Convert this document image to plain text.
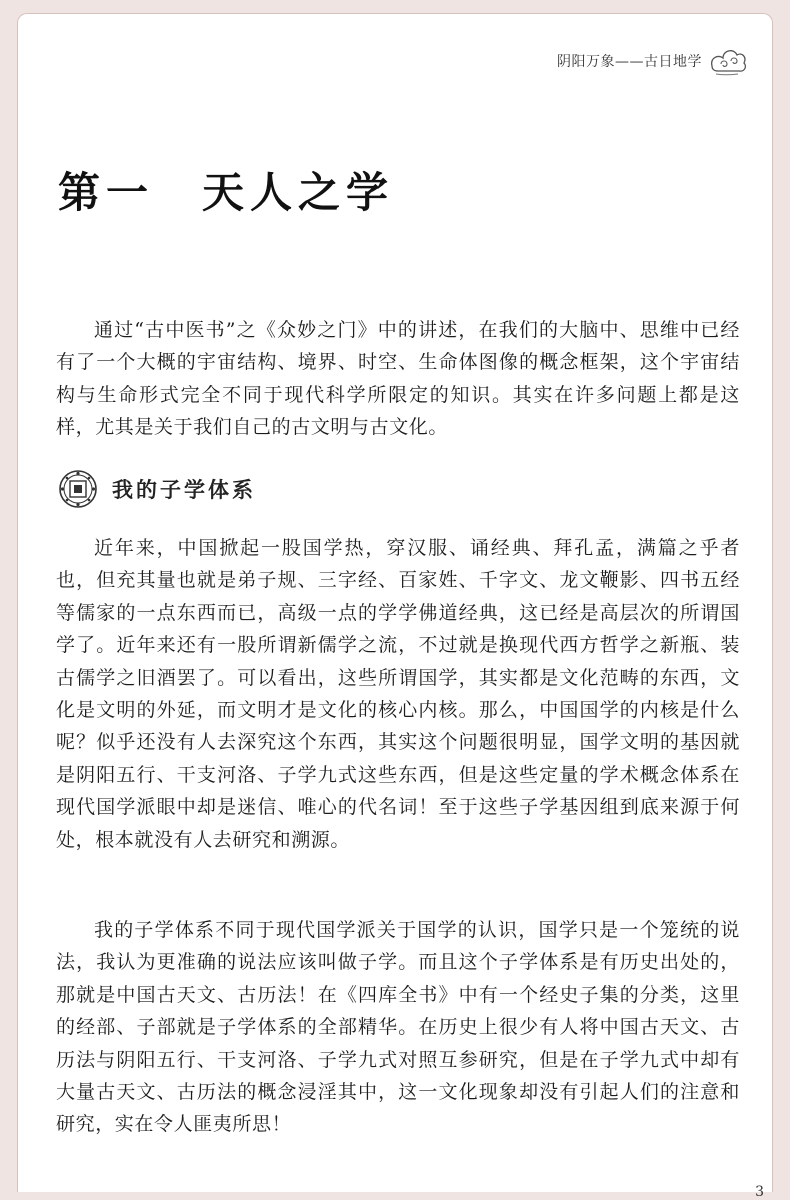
阴阳万象——古日地学
第一　天人之学

通过“古中医书”之《众妙之门》中的讲述，在我们的大脑中、思维中已经有了一个大概的宇宙结构、境界、时空、生命体图像的概念框架，这个宇宙结构与生命形式完全不同于现代科学所限定的知识。其实在许多问题上都是这样，尤其是关于我们自己的古文明与古文化。

我的子学体系

近年来，中国掀起一股国学热，穿汉服、诵经典、拜孔孟，满篇之乎者也，但充其量也就是弟子规、三字经、百家姓、千字文、龙文鞭影、四书五经等儒家的一点东西而已，高级一点的学学佛道经典，这已经是高层次的所谓国学了。近年来还有一股所谓新儒学之流，不过就是换现代西方哲学之新瓶、装古儒学之旧酒罢了。可以看出，这些所谓国学，其实都是文化范畴的东西，文化是文明的外延，而文明才是文化的核心内核。那么，中国国学的内核是什么呢？似乎还没有人去深究这个东西，其实这个问题很明显，国学文明的基因就是阴阳五行、干支河洛、子学九式这些东西，但是这些定量的学术概念体系在现代国学派眼中却是迷信、唯心的代名词！至于这些子学基因组到底来源于何处，根本就没有人去研究和溯源。

我的子学体系不同于现代国学派关于国学的认识，国学只是一个笼统的说法，我认为更准确的说法应该叫做子学。而且这个子学体系是有历史出处的，那就是中国古天文、古历法！在《四库全书》中有一个经史子集的分类，这里的经部、子部就是子学体系的全部精华。在历史上很少有人将中国古天文、古历法与阴阳五行、干支河洛、子学九式对照互参研究，但是在子学九式中却有大量古天文、古历法的概念浸淫其中，这一文化现象却没有引起人们的注意和研究，实在令人匪夷所思！

3
